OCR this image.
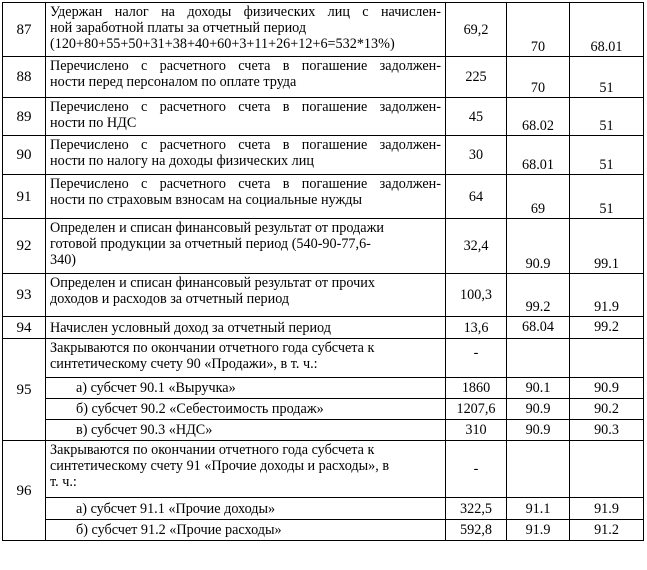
87	Удержан налог на доходы физических лиц с начислен-
ной заработной платы за отчетный период
(120+80+55+50+31+38+40+60+3+11+26+12+6=532*13%)	69,2	70	68.01
88	Перечислено с расчетного счета в погашение задолжен-
ности перед персоналом по оплате труда	225	70	51
89	Перечислено с расчетного счета в погашение задолжен-
ности по НДС	45	68.02	51
90	Перечислено с расчетного счета в погашение задолжен-
ности по налогу на доходы физических лиц	30	68.01	51
91	Перечислено с расчетного счета в погашение задолжен-
ности по страховым взносам на социальные нужды	64	69	51
92	Определен и списан финансовый результат от продажи
готовой продукции за отчетный период (540-90-77,6-
340)	32,4	90.9	99.1
93	Определен и списан финансовый результат от прочих
доходов и расходов за отчетный период	100,3	99.2	91.9
94	Начислен условный доход за отчетный период	13,6	68.04	99.2
95	Закрываются по окончании отчетного года субсчета к
синтетическому счету 90 «Продажи», в т. ч.:	-		
	а) субсчет 90.1 «Выручка»	1860	90.1	90.9
	б) субсчет 90.2 «Себестоимость продаж»	1207,6	90.9	90.2
	в) субсчет 90.3 «НДС»	310	90.9	90.3
96	Закрываются по окончании отчетного года субсчета к
синтетическому счету 91 «Прочие доходы и расходы», в
т. ч.:	-		
	а) субсчет 91.1 «Прочие доходы»	322,5	91.1	91.9
	б) субсчет 91.2 «Прочие расходы»	592,8	91.9	91.2
